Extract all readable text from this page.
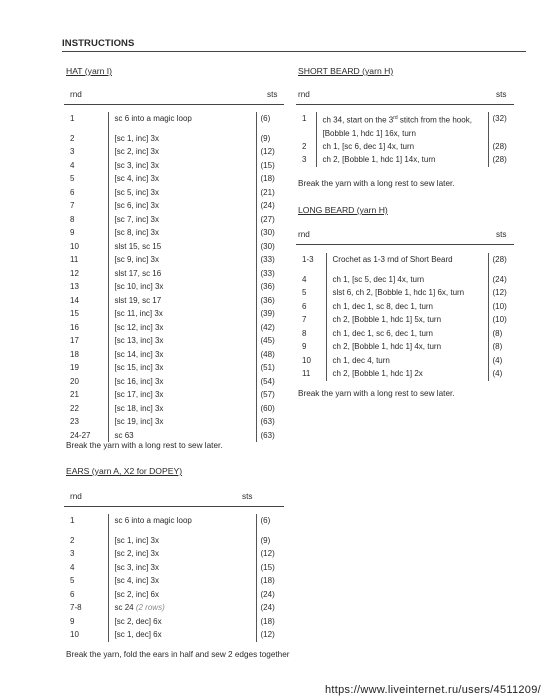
INSTRUCTIONS
HAT (yarn I)
rnd	sts
1	sc 6 into a magic loop	(6)

2	[sc 1, inc] 3x	(9)
3	[sc 2, inc] 3x	(12)
4	[sc 3, inc] 3x	(15)
5	[sc 4, inc] 3x	(18)
6	[sc 5, inc] 3x	(21)
7	[sc 6, inc] 3x	(24)
8	[sc 7, inc] 3x	(27)
9	[sc 8, inc] 3x	(30)
10	slst 15, sc 15	(30)
11	[sc 9, inc] 3x	(33)
12	slst 17, sc 16	(33)
13	[sc 10, inc] 3x	(36)
14	slst 19, sc 17	(36)
15	[sc 11, inc] 3x	(39)
16	[sc 12, inc] 3x	(42)
17	[sc 13, inc] 3x	(45)
18	[sc 14, inc] 3x	(48)
19	[sc 15, inc] 3x	(51)
20	[sc 16, inc] 3x	(54)
21	[sc 17, inc] 3x	(57)
22	[sc 18, inc] 3x	(60)
23	[sc 19, inc] 3x	(63)
24-27	sc 63	(63)
Break the yarn with a long rest to sew later.
EARS (yarn A, X2 for DOPEY)
rnd	sts
1	sc 6 into a magic loop	(6)

2	[sc 1, inc] 3x	(9)
3	[sc 2, inc] 3x	(12)
4	[sc 3, inc] 3x	(15)
5	[sc 4, inc] 3x	(18)
6	[sc 2, inc] 6x	(24)
7-8	sc 24 (2 rows)	(24)
9	[sc 2, dec] 6x	(18)
10	[sc 1, dec] 6x	(12)
Break the yarn, fold the ears in half and sew 2 edges together
SHORT BEARD (yarn H)
rnd	sts
1	ch 34, start on the 3rd stitch from the hook, [Bobble 1, hdc 1] 16x, turn	(32)
2	ch 1, [sc 6, dec 1] 4x, turn	(28)
3	ch 2, [Bobble 1, hdc 1] 14x, turn	(28)
Break the yarn with a long rest to sew later.
LONG BEARD (yarn H)
rnd	sts
1-3	Crochet as 1-3 rnd of Short Beard	(28)

4	ch 1, [sc 5, dec 1] 4x, turn	(24)
5	slst 6, ch 2, [Bobble 1, hdc 1] 6x, turn	(12)
6	ch 1, dec 1, sc 8, dec 1, turn	(10)
7	ch 2, [Bobble 1, hdc 1] 5x, turn	(10)
8	ch 1, dec 1, sc 6, dec 1, turn	(8)
9	ch 2, [Bobble 1, hdc 1] 4x, turn	(8)
10	ch 1, dec 4, turn	(4)
11	ch 2, [Bobble 1, hdc 1] 2x	(4)
Break the yarn with a long rest to sew later.
https://www.liveinternet.ru/users/4511209/
